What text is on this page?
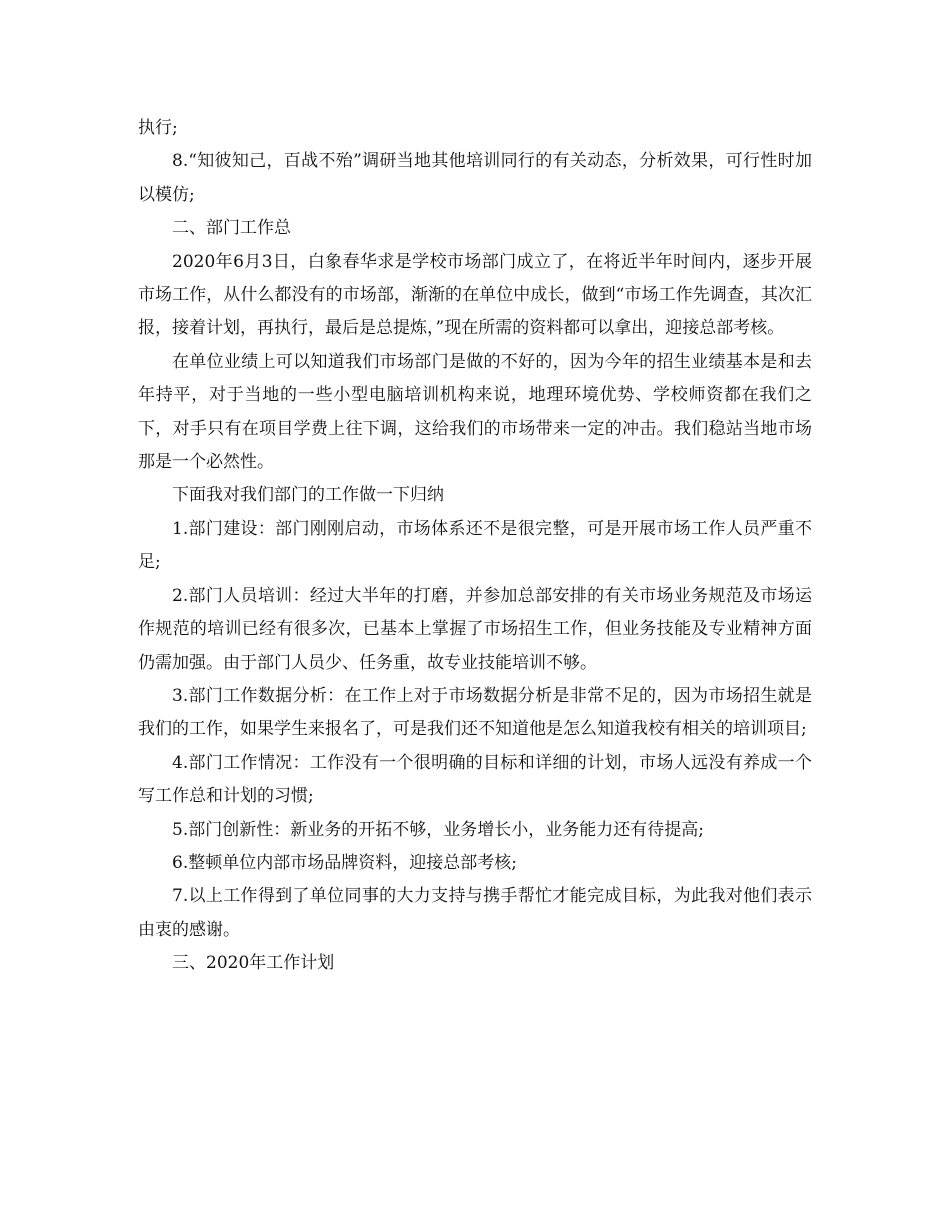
执行;

8.“知彼知己，百战不殆”调研当地其他培训同行的有关动态，分析效果，可行性时加以模仿;

二、部门工作总

2020年6月3日，白象春华求是学校市场部门成立了，在将近半年时间内，逐步开展市场工作，从什么都没有的市场部，渐渐的在单位中成长，做到“市场工作先调查，其次汇报，接着计划，再执行，最后是总提炼，”现在所需的资料都可以拿出，迎接总部考核。

在单位业绩上可以知道我们市场部门是做的不好的，因为今年的招生业绩基本是和去年持平，对于当地的一些小型电脑培训机构来说，地理环境优势、学校师资都在我们之下，对手只有在项目学费上往下调，这给我们的市场带来一定的冲击。我们稳站当地市场那是一个必然性。

下面我对我们部门的工作做一下归纳

1.部门建设：部门刚刚启动，市场体系还不是很完整，可是开展市场工作人员严重不足;

2.部门人员培训：经过大半年的打磨，并参加总部安排的有关市场业务规范及市场运作规范的培训已经有很多次，已基本上掌握了市场招生工作，但业务技能及专业精神方面仍需加强。由于部门人员少、任务重，故专业技能培训不够。

3.部门工作数据分析：在工作上对于市场数据分析是非常不足的，因为市场招生就是我们的工作，如果学生来报名了，可是我们还不知道他是怎么知道我校有相关的培训项目;

4.部门工作情况：工作没有一个很明确的目标和详细的计划，市场人远没有养成一个写工作总和计划的习惯;

5.部门创新性：新业务的开拓不够，业务增长小，业务能力还有待提高;

6.整顿单位内部市场品牌资料，迎接总部考核;

7.以上工作得到了单位同事的大力支持与携手帮忙才能完成目标，为此我对他们表示由衷的感谢。

三、2020年工作计划
